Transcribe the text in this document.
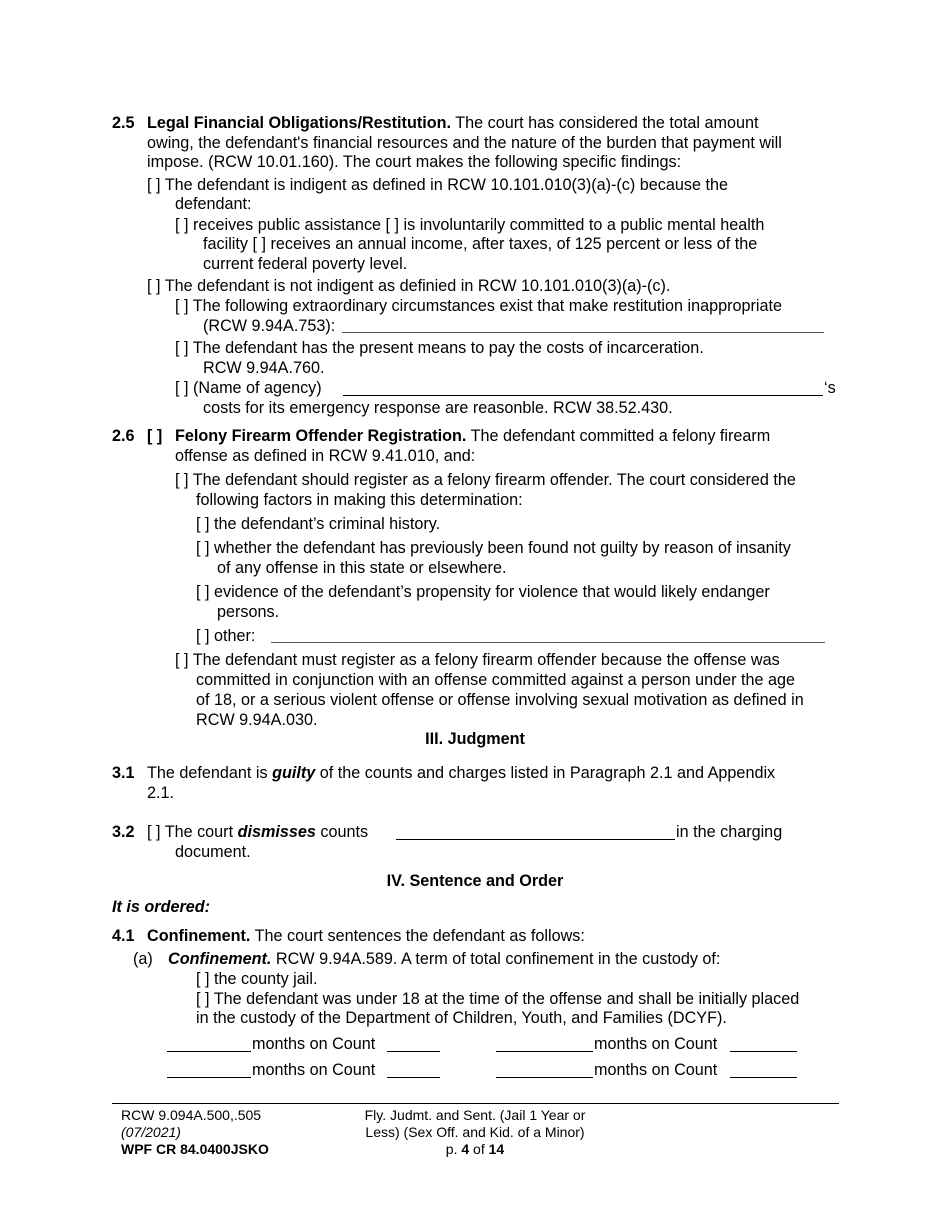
2.5 Legal Financial Obligations/Restitution. The court has considered the total amount
owing, the defendant's financial resources and the nature of the burden that payment will
impose. (RCW 10.01.160). The court makes the following specific findings:
[ ] The defendant is indigent as defined in RCW 10.101.010(3)(a)-(c) because the
defendant:
[ ] receives public assistance [ ] is involuntarily committed to a public mental health
facility [ ] receives an annual income, after taxes, of 125 percent or less of the
current federal poverty level.
[ ] The defendant is not indigent as definied in RCW 10.101.010(3)(a)-(c).
[ ] The following extraordinary circumstances exist that make restitution inappropriate
(RCW 9.94A.753):
[ ] The defendant has the present means to pay the costs of incarceration.
RCW 9.94A.760.
[ ] (Name of agency)	‘s
costs for its emergency response are reasonble. RCW 38.52.430.
2.6 [ ] Felony Firearm Offender Registration. The defendant committed a felony firearm
offense as defined in RCW 9.41.010, and:
[ ] The defendant should register as a felony firearm offender. The court considered the
following factors in making this determination:
[ ] the defendant’s criminal history.
[ ] whether the defendant has previously been found not guilty by reason of insanity
of any offense in this state or elsewhere.
[ ] evidence of the defendant’s propensity for violence that would likely endanger
persons.
[ ] other:
[ ] The defendant must register as a felony firearm offender because the offense was
committed in conjunction with an offense committed against a person under the age
of 18, or a serious violent offense or offense involving sexual motivation as defined in
RCW 9.94A.030.
III. Judgment
3.1 The defendant is guilty of the counts and charges listed in Paragraph 2.1 and Appendix
2.1.
3.2 [ ] The court dismisses counts	in the charging
document.
IV. Sentence and Order
It is ordered:
4.1 Confinement. The court sentences the defendant as follows:
(a) Confinement. RCW 9.94A.589. A term of total confinement in the custody of:
[ ] the county jail.
[ ] The defendant was under 18 at the time of the offense and shall be initially placed
in the custody of the Department of Children, Youth, and Families (DCYF).
months on Count	months on Count
months on Count	months on Count
RCW 9.094A.500,.505
(07/2021)
WPF CR 84.0400JSKO
Fly. Judmt. and Sent. (Jail 1 Year or
Less) (Sex Off. and Kid. of a Minor)
p. 4 of 14
